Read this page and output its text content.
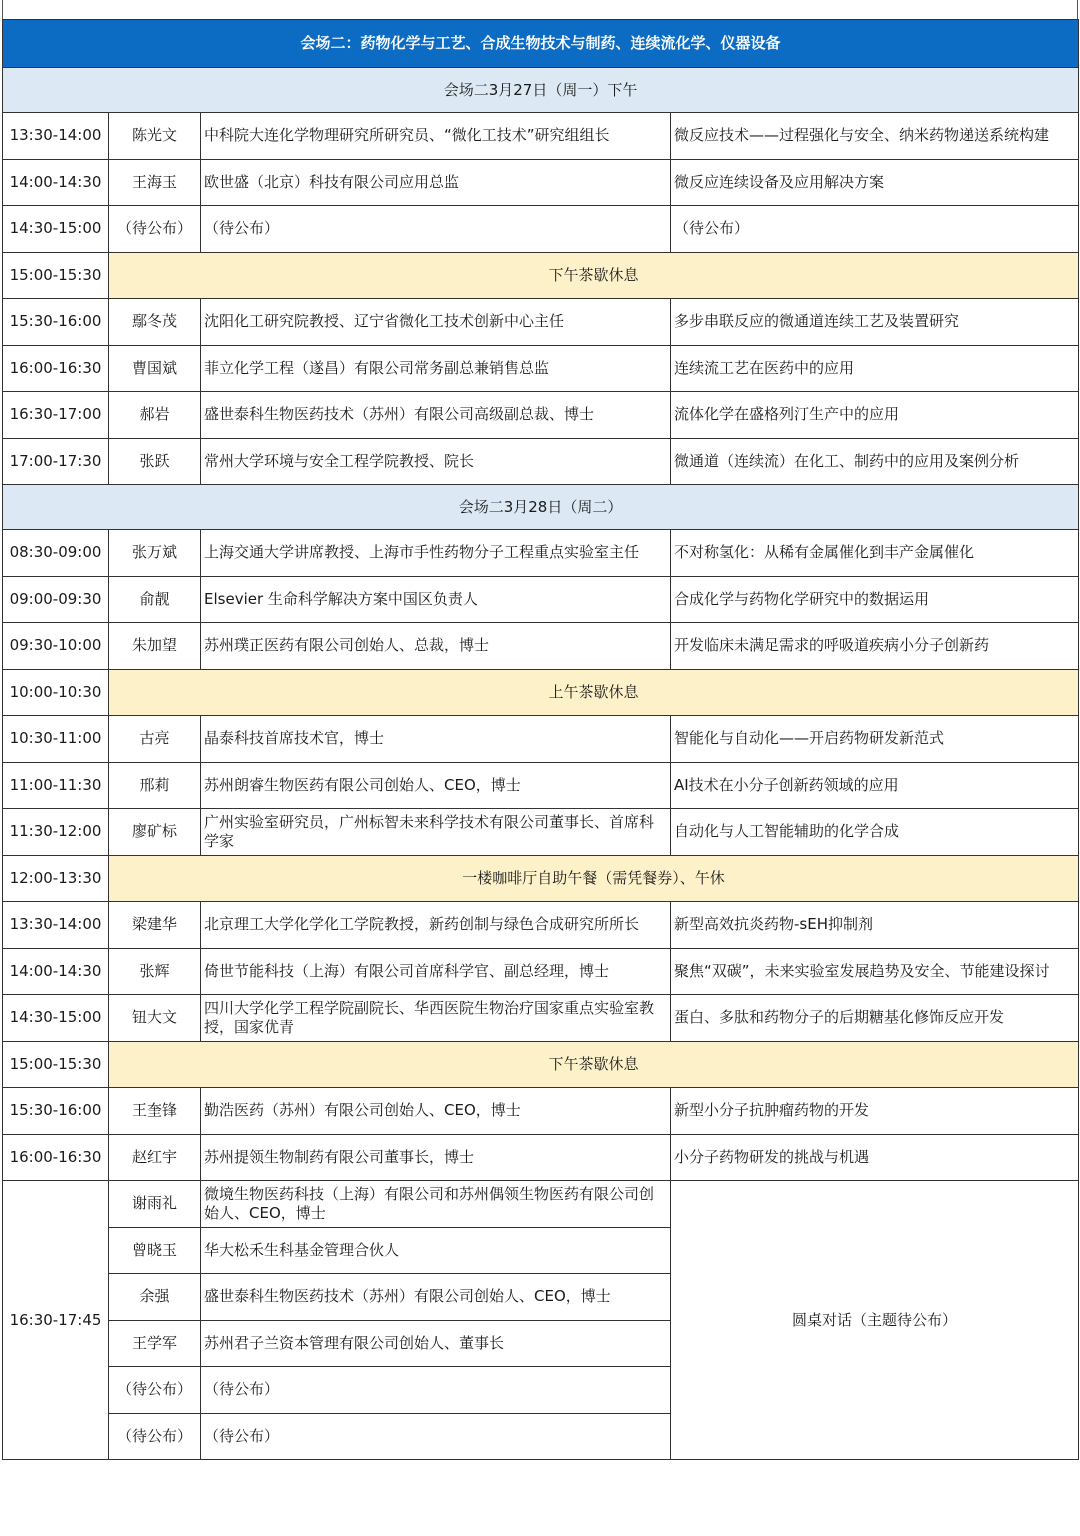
会场二：药物化学与工艺、合成生物技术与制药、连续流化学、仪器设备			
会场二3月27日（周一）下午			
13:30-14:00	陈光文	中科院大连化学物理研究所研究员、“微化工技术”研究组组长	微反应技术——过程强化与安全、纳米药物递送系统构建
14:00-14:30	王海玉	欧世盛（北京）科技有限公司应用总监	微反应连续设备及应用解决方案
14:30-15:00	（待公布）	（待公布）	（待公布）
15:00-15:30	下午茶歇休息		
15:30-16:00	鄢冬茂	沈阳化工研究院教授、辽宁省微化工技术创新中心主任	多步串联反应的微通道连续工艺及装置研究
16:00-16:30	曹国斌	菲立化学工程（遂昌）有限公司常务副总兼销售总监	连续流工艺在医药中的应用
16:30-17:00	郝岩	盛世泰科生物医药技术（苏州）有限公司高级副总裁、博士	流体化学在盛格列汀生产中的应用
17:00-17:30	张跃	常州大学环境与安全工程学院教授、院长	微通道（连续流）在化工、制药中的应用及案例分析
会场二3月28日（周二）			
08:30-09:00	张万斌	上海交通大学讲席教授、上海市手性药物分子工程重点实验室主任	不对称氢化：从稀有金属催化到丰产金属催化
09:00-09:30	俞靓	Elsevier 生命科学解决方案中国区负责人	合成化学与药物化学研究中的数据运用
09:30-10:00	朱加望	苏州璞正医药有限公司创始人、总裁，博士	开发临床未满足需求的呼吸道疾病小分子创新药
10:00-10:30	上午茶歇休息		
10:30-11:00	古亮	晶泰科技首席技术官，博士	智能化与自动化——开启药物研发新范式
11:00-11:30	邢莉	苏州朗睿生物医药有限公司创始人、CEO，博士	AI技术在小分子创新药领域的应用
11:30-12:00	廖矿标	广州实验室研究员，广州标智未来科学技术有限公司董事长、首席科学家	自动化与人工智能辅助的化学合成
12:00-13:30	一楼咖啡厅自助午餐（需凭餐券）、午休		
13:30-14:00	梁建华	北京理工大学化学化工学院教授，新药创制与绿色合成研究所所长	新型高效抗炎药物-sEH抑制剂
14:00-14:30	张辉	倚世节能科技（上海）有限公司首席科学官、副总经理，博士	聚焦“双碳”，未来实验室发展趋势及安全、节能建设探讨
14:30-15:00	钮大文	四川大学化学工程学院副院长、华西医院生物治疗国家重点实验室教授，国家优青	蛋白、多肽和药物分子的后期糖基化修饰反应开发
15:00-15:30	下午茶歇休息		
15:30-16:00	王奎锋	勤浩医药（苏州）有限公司创始人、CEO，博士	新型小分子抗肿瘤药物的开发
16:00-16:30	赵红宇	苏州提领生物制药有限公司董事长，博士	小分子药物研发的挑战与机遇
16:30-17:45	谢雨礼	微境生物医药科技（上海）有限公司和苏州偶领生物医药有限公司创始人、CEO，博士	圆桌对话（主题待公布）
	曾晓玉	华大松禾生科基金管理合伙人	
	余强	盛世泰科生物医药技术（苏州）有限公司创始人、CEO，博士	
	王学军	苏州君子兰资本管理有限公司创始人、董事长	
	（待公布）	（待公布）	
	（待公布）	（待公布）	
